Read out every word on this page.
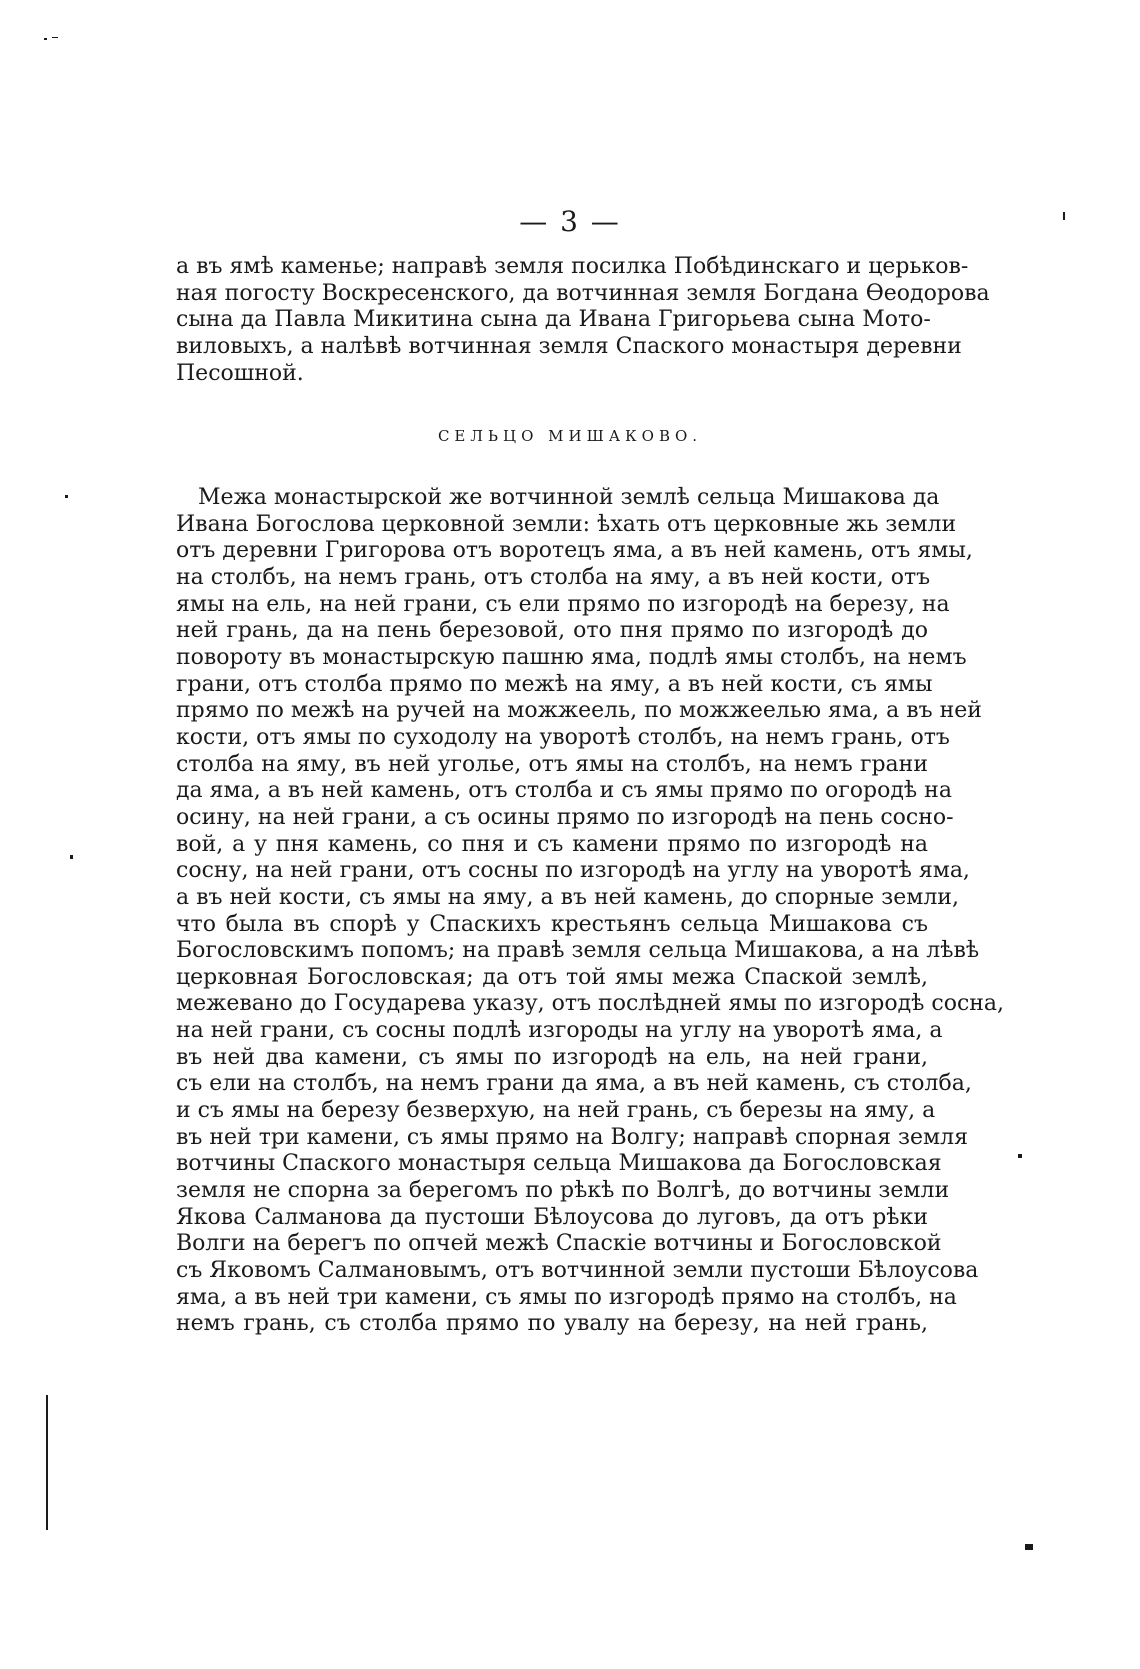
— 3 —
а въ ямѣ каменье; направѣ земля посилка Побѣдинскаго и церьков-
ная погосту Воскресенского, да вотчинная земля Богдана Ѳеодорова
сына да Павла Микитина сына да Ивана Григорьева сына Мото-
виловыхъ, а налѣвѣ вотчинная земля Спаского монастыря деревни
Песошной.
СЕЛЬЦО МИШАКОВО.
Межа монастырской же вотчинной землѣ сельца Мишакова да
Ивана Богослова церковной земли: ѣхать отъ церковные жь земли
отъ деревни Григорова отъ воротецъ яма, а въ ней камень, отъ ямы,
на столбъ, на немъ грань, отъ столба на яму, а въ ней кости, отъ
ямы на ель, на ней грани, съ ели прямо по изгородѣ на березу, на
ней грань, да на пень березовой, ото пня прямо по изгородѣ до
повороту въ монастырскую пашню яма, подлѣ ямы столбъ, на немъ
грани, отъ столба прямо по межѣ на яму, а въ ней кости, съ ямы
прямо по межѣ на ручей на можжеель, по можжеелью яма, а въ ней
кости, отъ ямы по суходолу на уворотѣ столбъ, на немъ грань, отъ
столба на яму, въ ней уголье, отъ ямы на столбъ, на немъ грани
да яма, а въ ней камень, отъ столба и съ ямы прямо по огородѣ на
осину, на ней грани, а съ осины прямо по изгородѣ на пень сосно-
вой, а у пня камень, со пня и съ камени прямо по изгородѣ на
сосну, на ней грани, отъ сосны по изгородѣ на углу на уворотѣ яма,
а въ ней кости, съ ямы на яму, а въ ней камень, до спорные земли,
что была въ спорѣ у Спаскихъ крестьянъ сельца Мишакова съ
Богословскимъ попомъ; на правѣ земля сельца Мишакова, а на лѣвѣ
церковная Богословская; да отъ той ямы межа Спаской землѣ,
межевано до Государева указу, отъ послѣдней ямы по изгородѣ сосна,
на ней грани, съ сосны подлѣ изгороды на углу на уворотѣ яма, а
въ ней два камени, съ ямы по изгородѣ на ель, на ней грани,
съ ели на столбъ, на немъ грани да яма, а въ ней камень, съ столба,
и съ ямы на березу безверхую, на ней грань, съ березы на яму, а
въ ней три камени, съ ямы прямо на Волгу; направѣ спорная земля
вотчины Спаского монастыря сельца Мишакова да Богословская
земля не спорна за берегомъ по рѣкѣ по Волгѣ, до вотчины земли
Якова Салманова да пустоши Бѣлоусова до луговъ, да отъ рѣки
Волги на берегъ по опчей межѣ Спаскіе вотчины и Богословской
съ Яковомъ Салмановымъ, отъ вотчинной земли пустоши Бѣлоусова
яма, а въ ней три камени, съ ямы по изгородѣ прямо на столбъ, на
немъ грань, съ столба прямо по увалу на березу, на ней грань,
